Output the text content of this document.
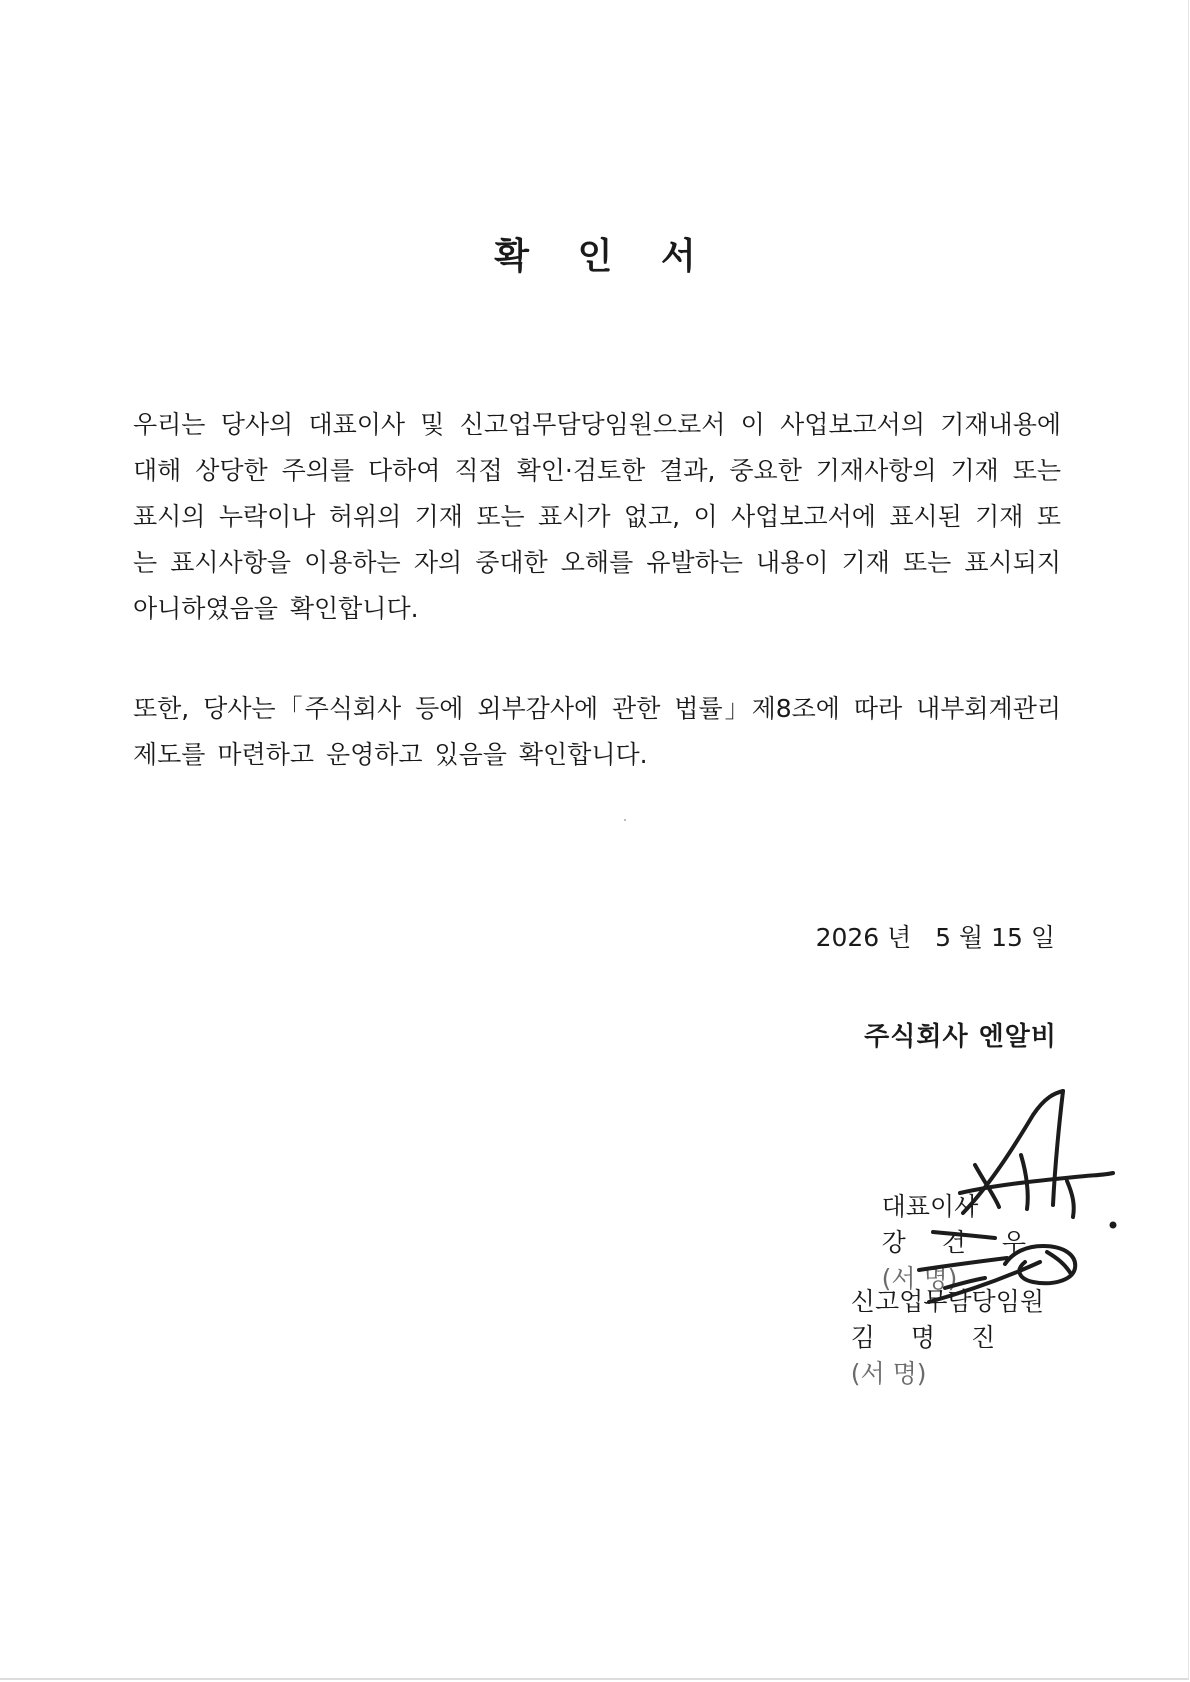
확 인 서

우리는 당사의 대표이사 및 신고업무담당임원으로서 이 사업보고서의 기재내용에 대해 상당한 주의를 다하여 직접 확인·검토한 결과, 중요한 기재사항의 기재 또는 표시의 누락이나 허위의 기재 또는 표시가 없고, 이 사업보고서에 표시된 기재 또는 표시사항을 이용하는 자의 중대한 오해를 유발하는 내용이 기재 또는 표시되지 아니하였음을 확인합니다.

또한, 당사는「주식회사 등에 외부감사에 관한 법률」제8조에 따라 내부회계관리제도를 마련하고 운영하고 있음을 확인합니다.

2026 년   5 월 15 일
주식회사 엔알비

대표이사
강 건 우
(서 명)

신고업무담당임원
김 명 진
(서 명)
